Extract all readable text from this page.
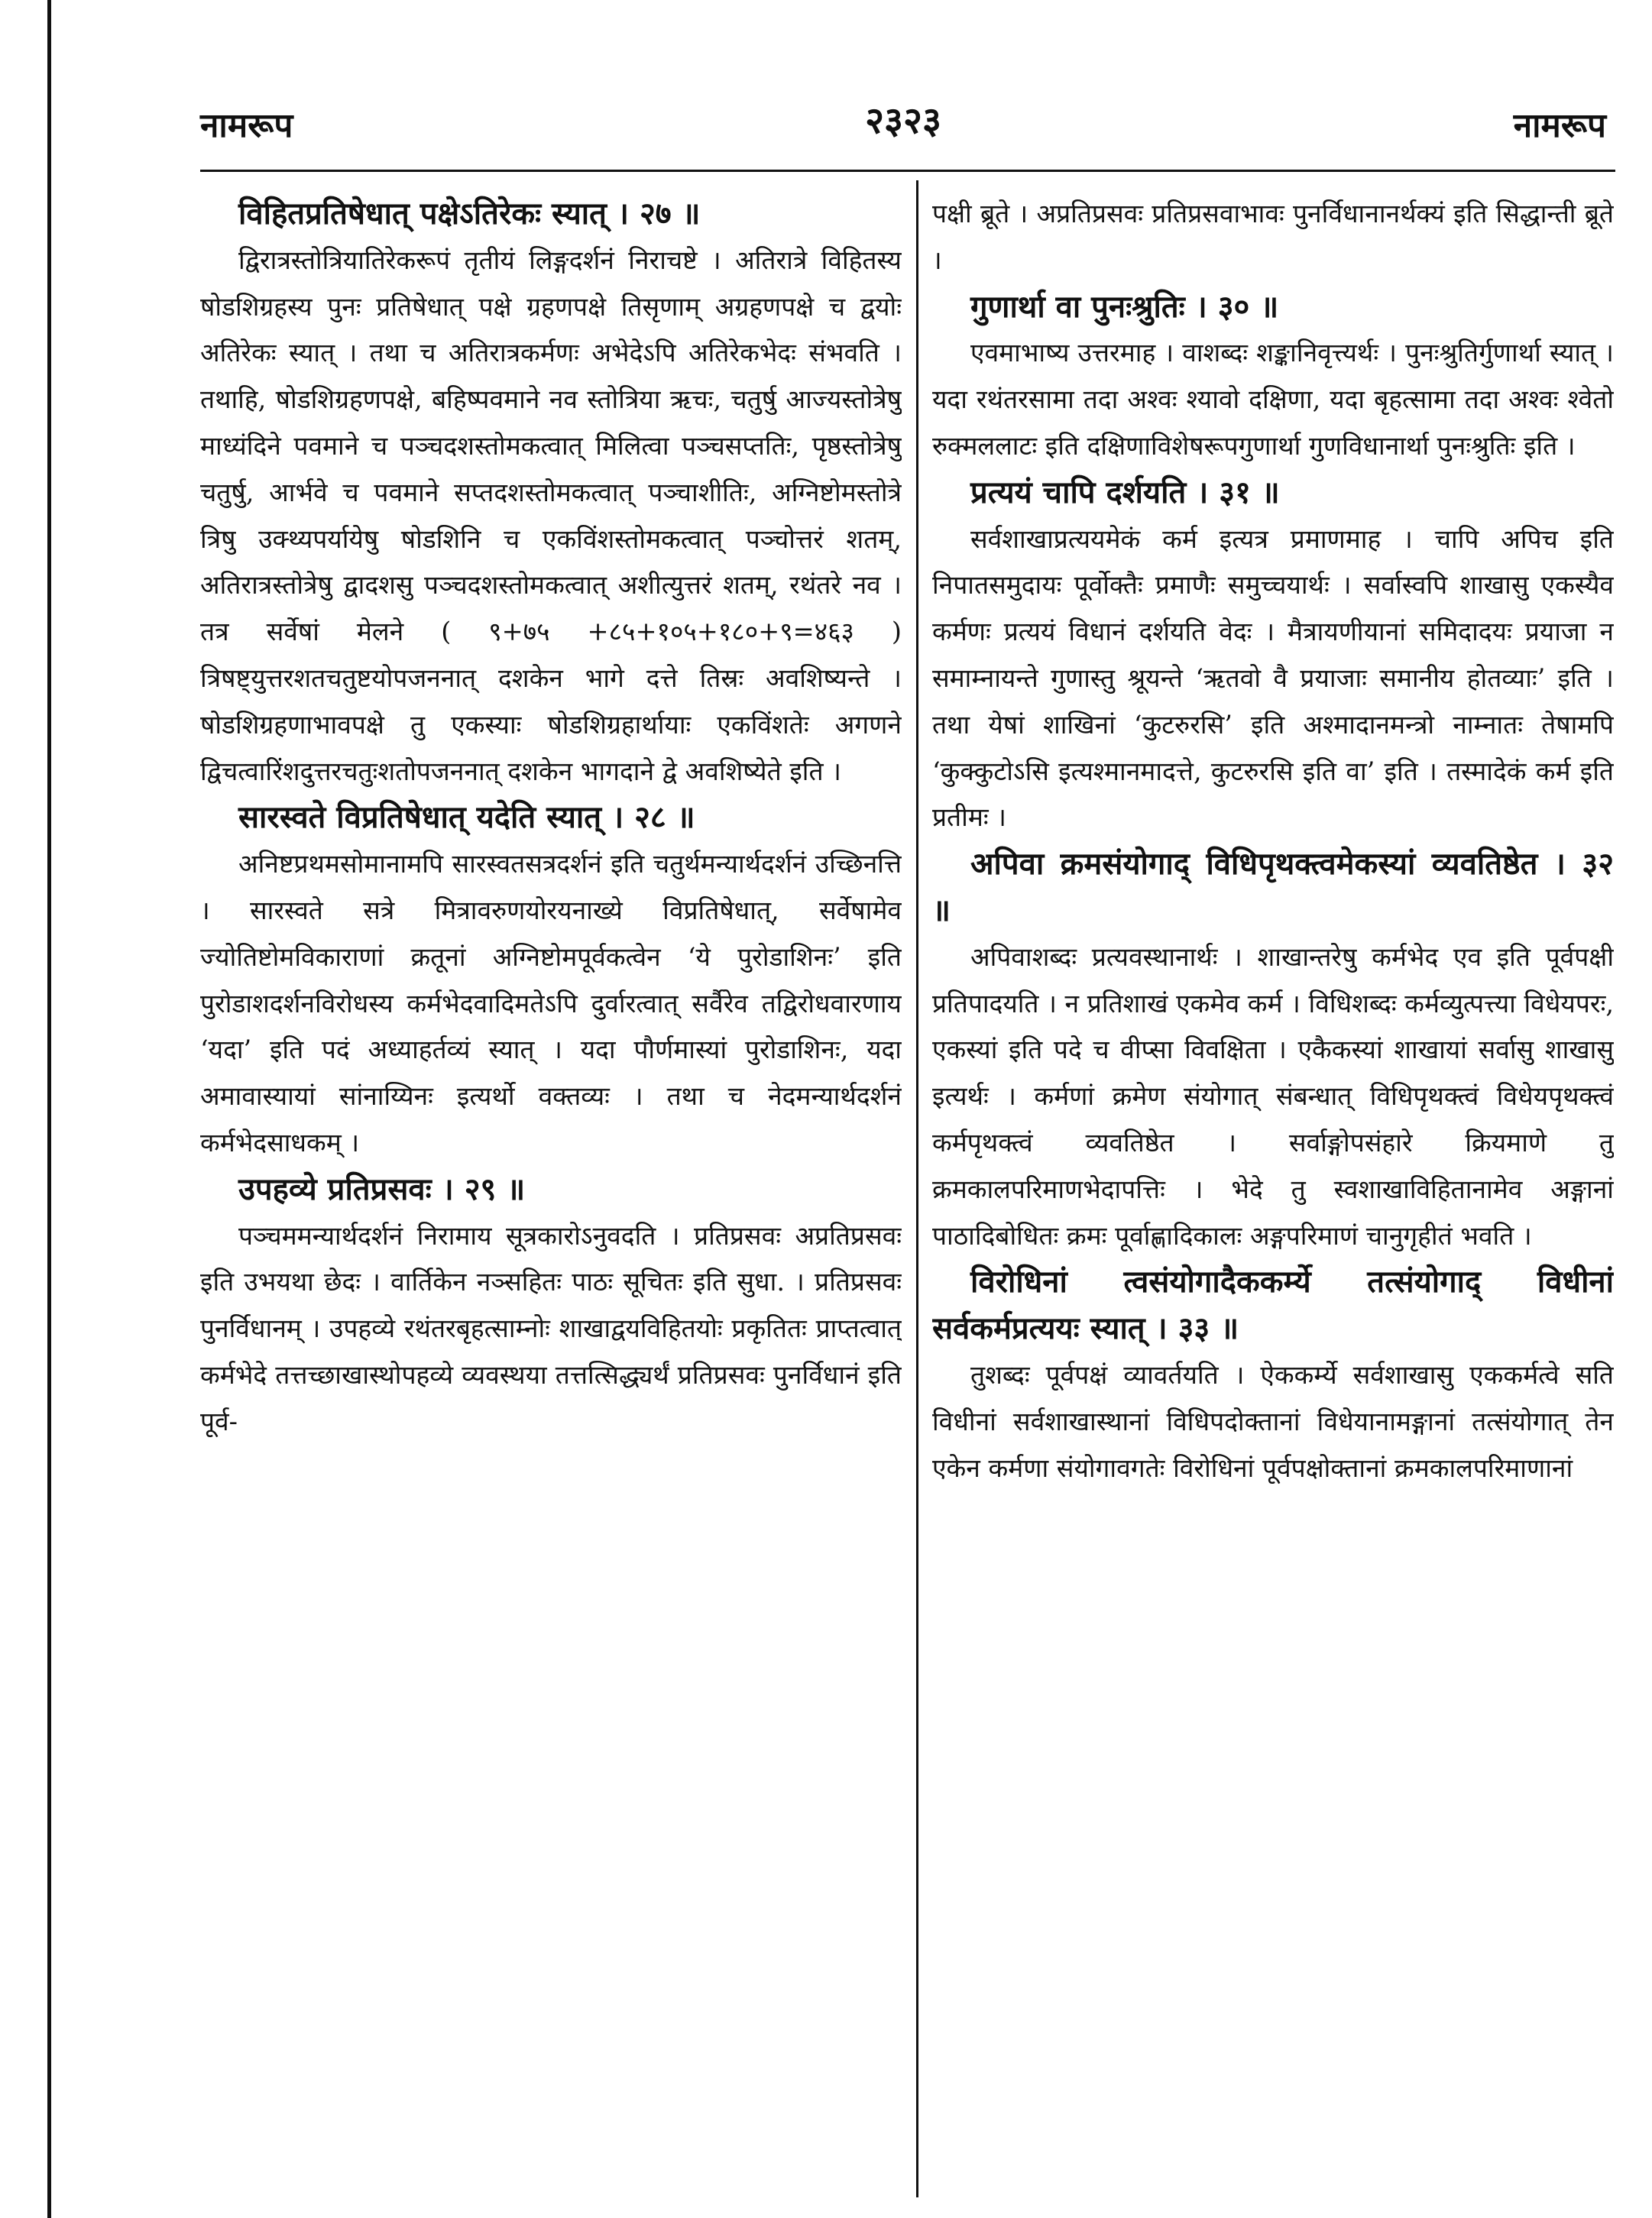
नामरूप	२३२३	नामरूप

विहितप्रतिषेधात् पक्षेऽतिरेकः स्यात् । २७ ॥

द्विरात्रस्तोत्रियातिरेकरूपं तृतीयं लिङ्गदर्शनं निराचष्टे । अतिरात्रे विहितस्य षोडशिग्रहस्य पुनः प्रतिषेधात् पक्षे ग्रहणपक्षे तिसृणाम् अग्रहणपक्षे च द्वयोः अतिरेकः स्यात् । तथा च अतिरात्रकर्मणः अभेदेऽपि अतिरेकभेदः संभवति । तथाहि, षोडशिग्रहणपक्षे, बहिष्पवमाने नव स्तोत्रिया ऋचः, चतुर्षु आज्यस्तोत्रेषु माध्यंदिने पवमाने च पञ्चदशस्तोमकत्वात् मिलित्वा पञ्चसप्ततिः, पृष्ठस्तोत्रेषु चतुर्षु, आर्भवे च पवमाने सप्तदशस्तोमकत्वात् पञ्चाशीतिः, अग्निष्टोमस्तोत्रे त्रिषु उक्थ्यपर्यायेषु षोडशिनि च एकविंशस्तोमकत्वात् पञ्चोत्तरं शतम्, अतिरात्रस्तोत्रेषु द्वादशसु पञ्चदशस्तोमकत्वात् अशीत्युत्तरं शतम्, रथंतरे नव । तत्र सर्वेषां मेलने ( ९+७५ +८५+१०५+१८०+९=४६३ ) त्रिषष्ट्युत्तरशतचतुष्टयोपजननात् दशकेन भागे दत्ते तिस्रः अवशिष्यन्ते । षोडशिग्रहणाभावपक्षे तु एकस्याः षोडशिग्रहार्थायाः एकविंशतेः अगणने द्विचत्वारिंशदुत्तरचतुःशतोपजननात् दशकेन भागदाने द्वे अवशिष्येते इति ।

सारस्वते विप्रतिषेधात् यदेति स्यात् । २८ ॥

अनिष्टप्रथमसोमानामपि सारस्वतसत्रदर्शनं इति चतुर्थमन्यार्थदर्शनं उच्छिनत्ति । सारस्वते सत्रे मित्रावरुणयोरयनाख्ये विप्रतिषेधात्, सर्वेषामेव ज्योतिष्टोमविकाराणां क्रतूनां अग्निष्टोमपूर्वकत्वेन ‘ये पुरोडाशिनः’ इति पुरोडाशदर्शनविरोधस्य कर्मभेदवादिमतेऽपि दुर्वारत्वात् सर्वैरेव तद्विरोधवारणाय ‘यदा’ इति पदं अध्याहर्तव्यं स्यात् । यदा पौर्णमास्यां पुरोडाशिनः, यदा अमावास्यायां सांनाय्यिनः इत्यर्थो वक्तव्यः । तथा च नेदमन्यार्थदर्शनं कर्मभेदसाधकम् ।

उपहव्ये प्रतिप्रसवः । २९ ॥

पञ्चममन्यार्थदर्शनं निरामाय सूत्रकारोऽनुवदति । प्रतिप्रसवः अप्रतिप्रसवः इति उभयथा छेदः । वार्तिकेन नञ्सहितः पाठः सूचितः इति सुधा. । प्रतिप्रसवः पुनर्विधानम् । उपहव्ये रथंतरबृहत्साम्नोः शाखाद्वयविहितयोः प्रकृतितः प्राप्तत्वात् कर्मभेदे तत्तच्छाखास्थोपहव्ये व्यवस्थया तत्तत्सिद्ध्यर्थं प्रतिप्रसवः पुनर्विधानं इति पूर्व-

पक्षी ब्रूते । अप्रतिप्रसवः प्रतिप्रसवाभावः पुनर्विधानानर्थक्यं इति सिद्धान्ती ब्रूते ।

गुणार्था वा पुनःश्रुतिः । ३० ॥

एवमाभाष्य उत्तरमाह । वाशब्दः शङ्कानिवृत्त्यर्थः । पुनःश्रुतिर्गुणार्था स्यात् । यदा रथंतरसामा तदा अश्वः श्यावो दक्षिणा, यदा बृहत्सामा तदा अश्वः श्वेतो रुक्मललाटः इति दक्षिणाविशेषरूपगुणार्था गुणविधानार्था पुनःश्रुतिः इति ।

प्रत्ययं चापि दर्शयति । ३१ ॥

सर्वशाखाप्रत्ययमेकं कर्म इत्यत्र प्रमाणमाह । चापि अपिच इति निपातसमुदायः पूर्वोक्तैः प्रमाणैः समुच्चयार्थः । सर्वास्वपि शाखासु एकस्यैव कर्मणः प्रत्ययं विधानं दर्शयति वेदः । मैत्रायणीयानां समिदादयः प्रयाजा न समाम्नायन्ते गुणास्तु श्रूयन्ते ‘ऋतवो वै प्रयाजाः समानीय होतव्याः’ इति । तथा येषां शाखिनां ‘कुटरुरसि’ इति अश्मादानमन्त्रो नाम्नातः तेषामपि ‘कुक्कुटोऽसि इत्यश्मानमादत्ते, कुटरुरसि इति वा’ इति । तस्मादेकं कर्म इति प्रतीमः ।

अपिवा क्रमसंयोगाद् विधिपृथक्त्वमेकस्यां व्यवतिष्ठेत । ३२ ॥

अपिवाशब्दः प्रत्यवस्थानार्थः । शाखान्तरेषु कर्मभेद एव इति पूर्वपक्षी प्रतिपादयति । न प्रतिशाखं एकमेव कर्म । विधिशब्दः कर्मव्युत्पत्त्या विधेयपरः, एकस्यां इति पदे च वीप्सा विवक्षिता । एकैकस्यां शाखायां सर्वासु शाखासु इत्यर्थः । कर्मणां क्रमेण संयोगात् संबन्धात् विधिपृथक्त्वं विधेयपृथक्त्वं कर्मपृथक्त्वं व्यवतिष्ठेत । सर्वाङ्गोपसंहारे क्रियमाणे तु क्रमकालपरिमाणभेदापत्तिः । भेदे तु स्वशाखाविहितानामेव अङ्गानां पाठादिबोधितः क्रमः पूर्वाह्णादिकालः अङ्गपरिमाणं चानुगृहीतं भवति ।

विरोधिनां त्वसंयोगादैककर्म्ये तत्संयोगाद् विधीनां सर्वकर्मप्रत्ययः स्यात् । ३३ ॥

तुशब्दः पूर्वपक्षं व्यावर्तयति । ऐककर्म्ये सर्वशाखासु एककर्मत्वे सति विधीनां सर्वशाखास्थानां विधिपदोक्तानां विधेयानामङ्गानां तत्संयोगात् तेन एकेन कर्मणा संयोगावगतेः विरोधिनां पूर्वपक्षोक्तानां क्रमकालपरिमाणानां
